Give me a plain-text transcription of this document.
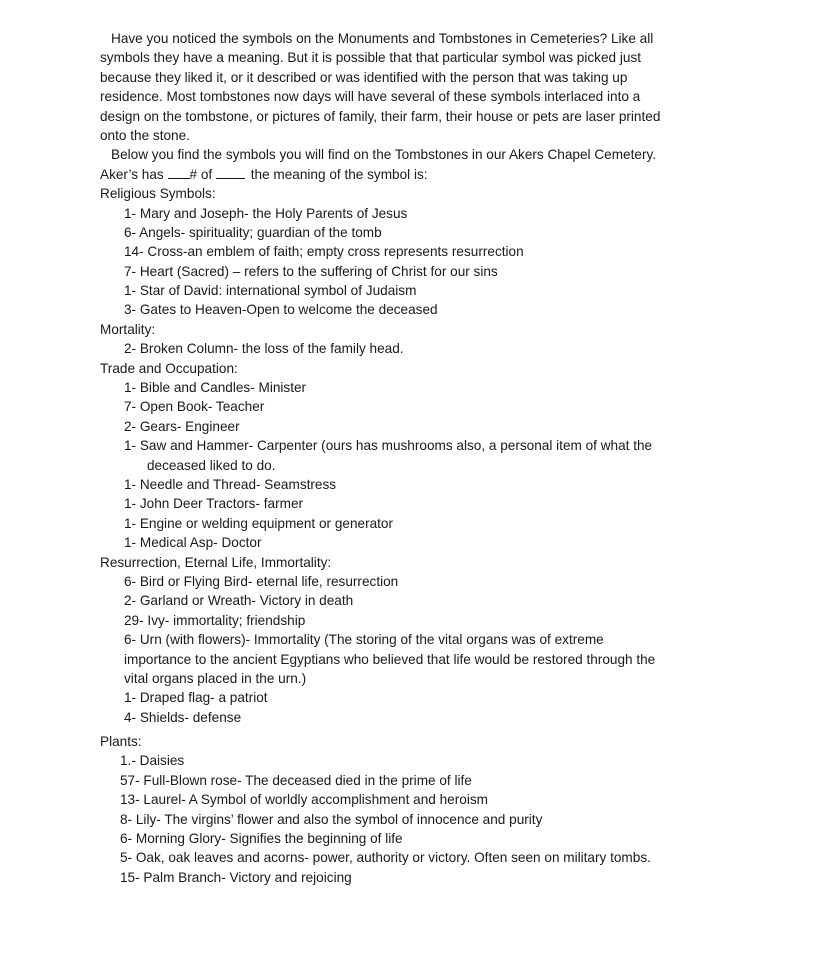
Have you noticed the symbols on the Monuments and Tombstones in Cemeteries? Like all
symbols they have a meaning. But it is possible that that particular symbol was picked just
because they liked it, or it described or was identified with the person that was taking up
residence. Most tombstones now days will have several of these symbols interlaced into a
design on the tombstone, or pictures of family, their farm, their house or pets are laser printed
onto the stone.
Below you find the symbols you will find on the Tombstones in our Akers Chapel Cemetery.
Aker’s has # of  the meaning of the symbol is:
Religious Symbols:
1- Mary and Joseph- the Holy Parents of Jesus
6- Angels- spirituality; guardian of the tomb
14- Cross-an emblem of faith; empty cross represents resurrection
7- Heart (Sacred) – refers to the suffering of Christ for our sins
1- Star of David: international symbol of Judaism
3- Gates to Heaven-Open to welcome the deceased
Mortality:
2- Broken Column- the loss of the family head.
Trade and Occupation:
1- Bible and Candles- Minister
7- Open Book- Teacher
2- Gears- Engineer
1- Saw and Hammer- Carpenter (ours has mushrooms also, a personal item of what the
deceased liked to do.
1- Needle and Thread- Seamstress
1- John Deer Tractors- farmer
1- Engine or welding equipment or generator
1- Medical Asp- Doctor
Resurrection, Eternal Life, Immortality:
6- Bird or Flying Bird- eternal life, resurrection
2- Garland or Wreath- Victory in death
29- Ivy- immortality; friendship
6- Urn (with flowers)- Immortality (The storing of the vital organs was of extreme
importance to the ancient Egyptians who believed that life would be restored through the
vital organs placed in the urn.)
1- Draped flag- a patriot
4- Shields- defense
Plants:
1.- Daisies
57- Full-Blown rose- The deceased died in the prime of life
13- Laurel- A Symbol of worldly accomplishment and heroism
8- Lily- The virgins’ flower and also the symbol of innocence and purity
6- Morning Glory- Signifies the beginning of life
5- Oak, oak leaves and acorns- power, authority or victory. Often seen on military tombs.
15- Palm Branch- Victory and rejoicing
